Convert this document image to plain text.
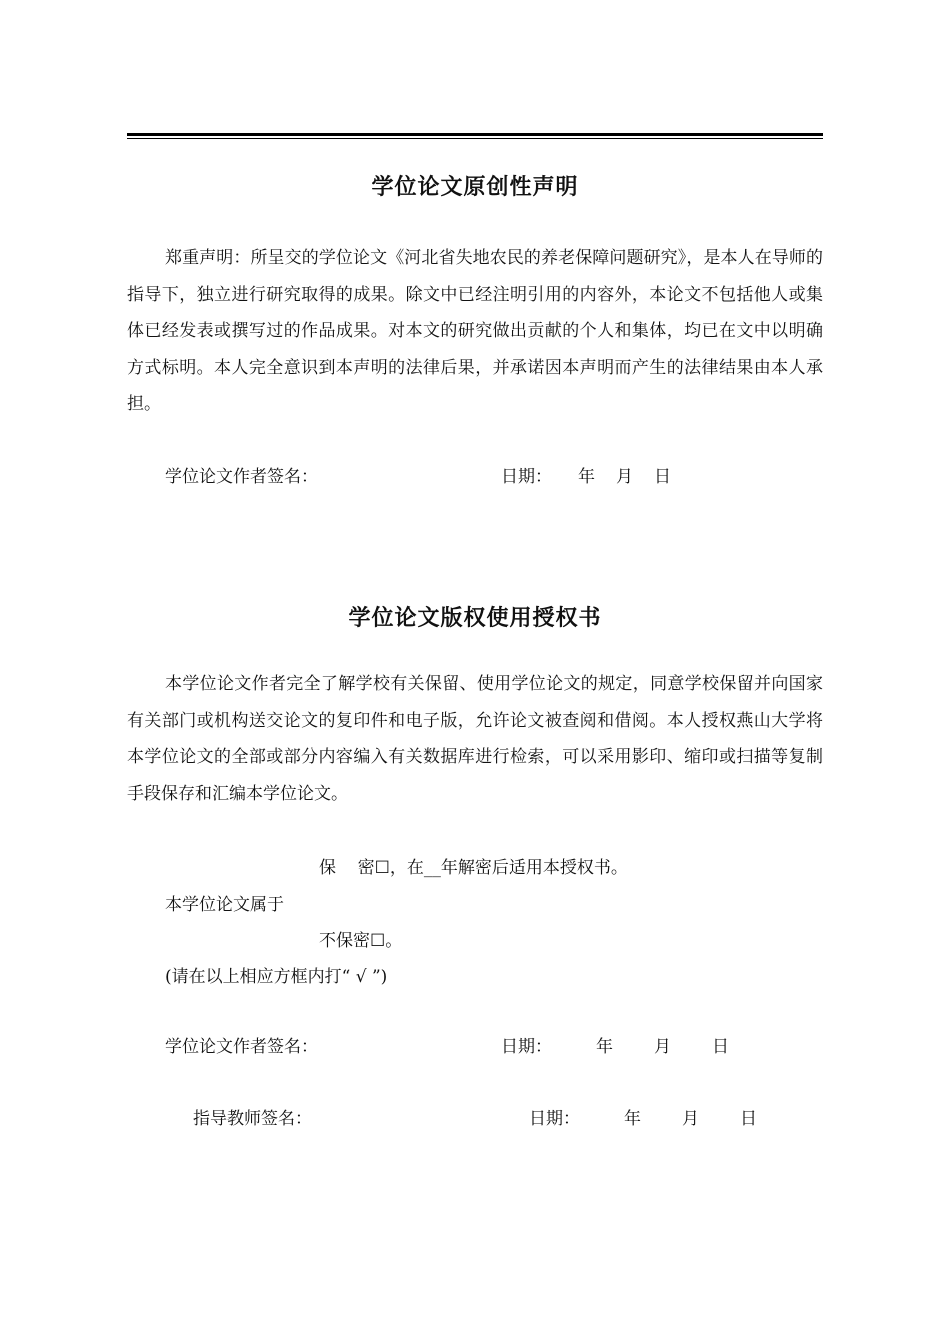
学位论文原创性声明

郑重声明：所呈交的学位论文《河北省失地农民的养老保障问题研究》，是本人在导师的指导下，独立进行研究取得的成果。除文中已经注明引用的内容外，本论文不包括他人或集体已经发表或撰写过的作品成果。对本文的研究做出贡献的个人和集体，均已在文中以明确方式标明。本人完全意识到本声明的法律后果，并承诺因本声明而产生的法律结果由本人承担。

学位论文作者签名：	日期： 年 月 日
学位论文版权使用授权书

本学位论文作者完全了解学校有关保留、使用学位论文的规定，同意学校保留并向国家有关部门或机构送交论文的复印件和电子版，允许论文被查阅和借阅。本人授权燕山大学将本学位论文的全部或部分内容编入有关数据库进行检索，可以采用影印、缩印或扫描等复制手段保存和汇编本学位论文。

保    密☐，在__年解密后适用本授权书。
本学位论文属于
不保密☐。
(请在以上相应方框内打“ √ ”)
学位论文作者签名：	日期：	年 月 日
指导教师签名：	日期：	年 月 日
